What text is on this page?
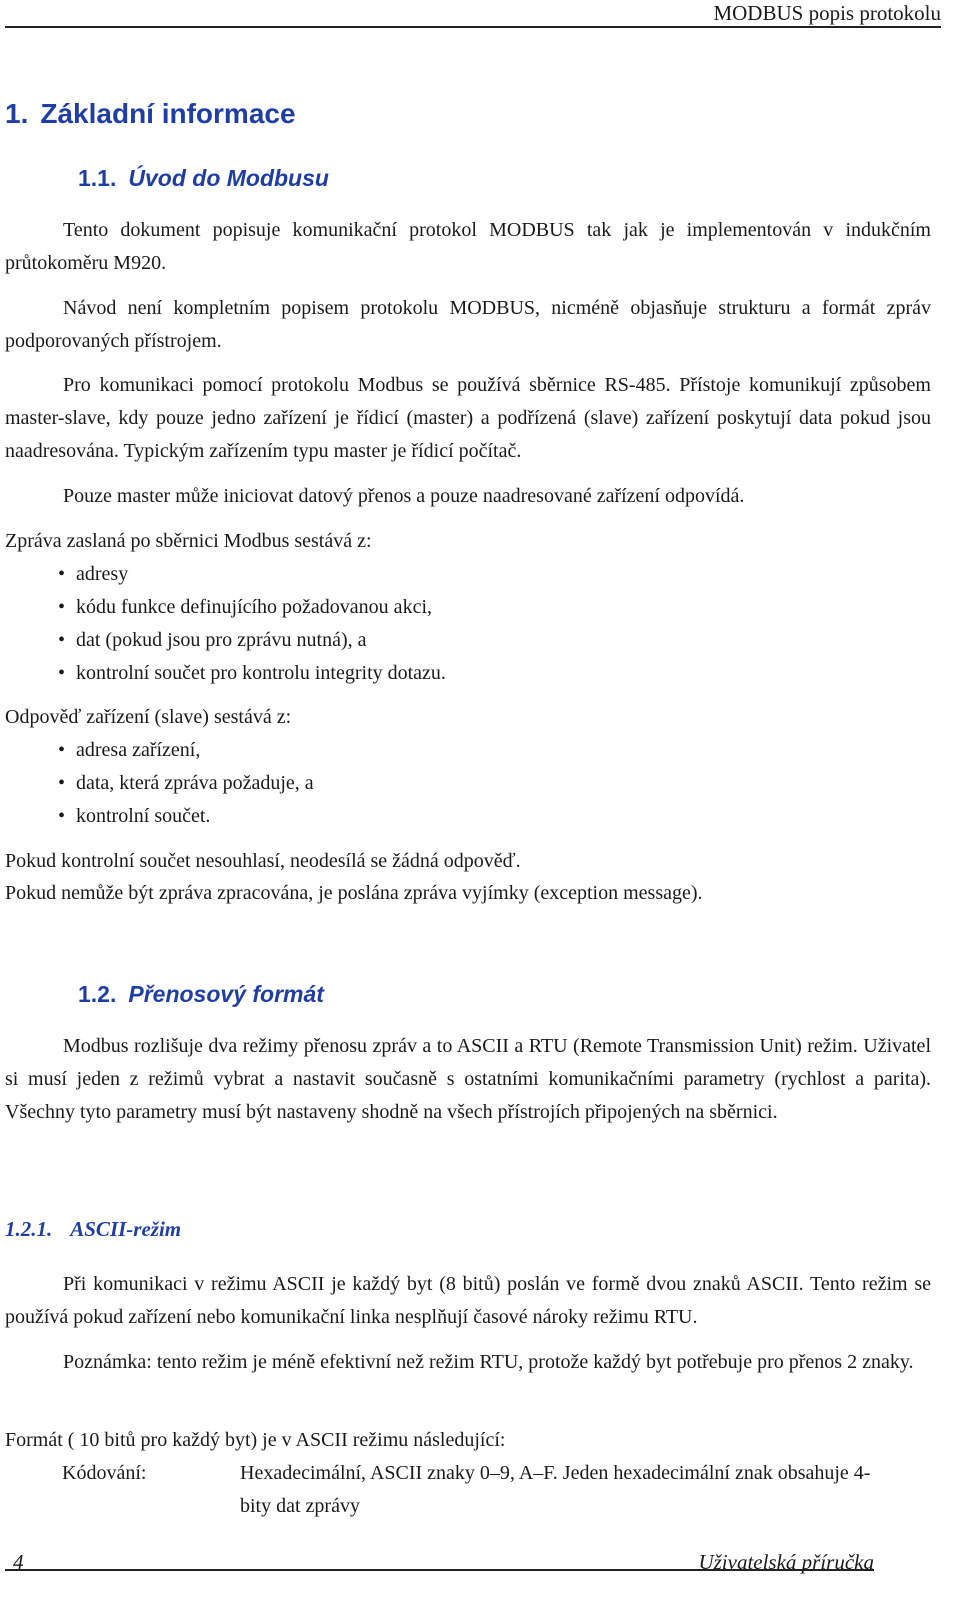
MODBUS popis protokolu
1. Základní informace
1.1. Úvod do Modbusu

Tento dokument popisuje komunikační protokol MODBUS tak jak je implementován v indukčním průtokoměru M920.

Návod není kompletním popisem protokolu MODBUS, nicméně objasňuje strukturu a formát zpráv podporovaných přístrojem.

Pro komunikaci pomocí protokolu Modbus se používá sběrnice RS-485. Přístoje komunikují způsobem master-slave, kdy pouze jedno zařízení je řídicí (master) a podřízená (slave) zařízení poskytují data pokud jsou naadresována. Typickým zařízením typu master je řídicí počítač.

Pouze master může iniciovat datový přenos a pouze naadresované zařízení odpovídá.

Zpráva zaslaná po sběrnici Modbus sestává z:

• adresy
• kódu funkce definujícího požadovanou akci,
• dat (pokud jsou pro zprávu nutná), a
• kontrolní součet pro kontrolu integrity dotazu.

Odpověď zařízení (slave) sestává z:

• adresa zařízení,
• data, která zpráva požaduje, a
• kontrolní součet.

Pokud kontrolní součet nesouhlasí, neodesílá se žádná odpověď.

Pokud nemůže být zpráva zpracována, je poslána zpráva vyjímky (exception message).

1.2. Přenosový formát

Modbus rozlišuje dva režimy přenosu zpráv a to ASCII a RTU (Remote Transmission Unit) režim. Uživatel si musí jeden z režimů vybrat a nastavit současně s ostatními komunikačními parametry (rychlost a parita). Všechny tyto parametry musí být nastaveny shodně na všech přístrojích připojených na sběrnici.

1.2.1. ASCII-režim

Při komunikaci v režimu ASCII je každý byt (8 bitů) poslán ve formě dvou znaků ASCII. Tento režim se používá pokud zařízení nebo komunikační linka nesplňují časové nároky režimu RTU.

Poznámka: tento režim je méně efektivní než režim RTU, protože každý byt potřebuje pro přenos 2 znaky.

Formát ( 10 bitů pro každý byt) je v ASCII režimu následující:

Kódování:	Hexadecimální, ASCII znaky 0–9, A–F. Jeden hexadecimální znak obsahuje 4-bity dat zprávy
4	Uživatelská příručka
